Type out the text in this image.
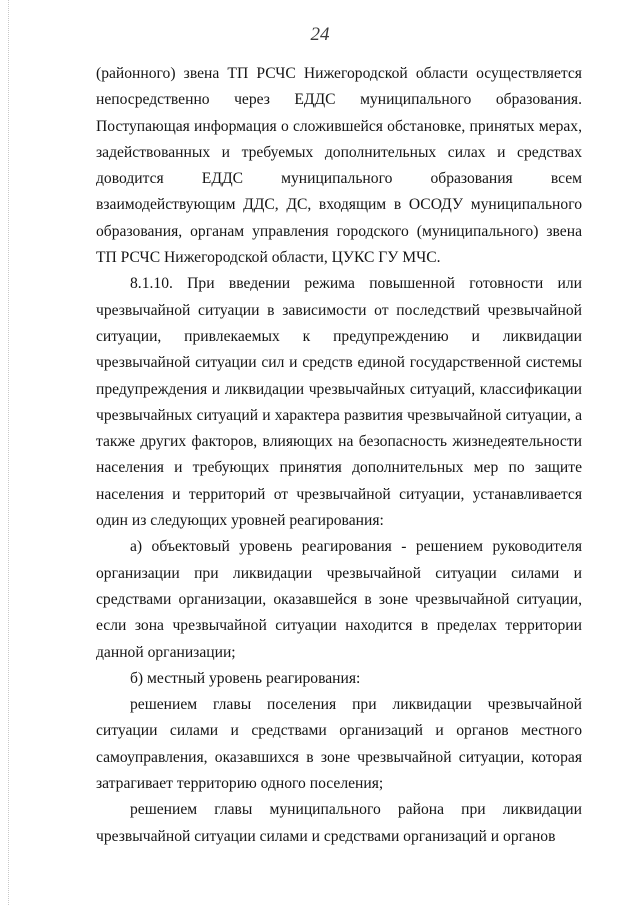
24

(районного) звена ТП РСЧС Нижегородской области осуществляется непосредственно через ЕДДС муниципального образования. Поступающая информация о сложившейся обстановке, принятых мерах, задействованных и требуемых дополнительных силах и средствах доводится ЕДДС муниципального образования всем взаимодействующим ДДС, ДС, входящим в ОСОДУ муниципального образования, органам управления городского (муниципального) звена ТП РСЧС Нижегородской области, ЦУКС ГУ МЧС.

8.1.10. При введении режима повышенной готовности или чрезвычайной ситуации в зависимости от последствий чрезвычайной ситуации, привлекаемых к предупреждению и ликвидации чрезвычайной ситуации сил и средств единой государственной системы предупреждения и ликвидации чрезвычайных ситуаций, классификации чрезвычайных ситуаций и характера развития чрезвычайной ситуации, а также других факторов, влияющих на безопасность жизнедеятельности населения и требующих принятия дополнительных мер по защите населения и территорий от чрезвычайной ситуации, устанавливается один из следующих уровней реагирования:

а) объектовый уровень реагирования - решением руководителя организации при ликвидации чрезвычайной ситуации силами и средствами организации, оказавшейся в зоне чрезвычайной ситуации, если зона чрезвычайной ситуации находится в пределах территории данной организации;

б) местный уровень реагирования:

решением главы поселения при ликвидации чрезвычайной ситуации силами и средствами организаций и органов местного самоуправления, оказавшихся в зоне чрезвычайной ситуации, которая затрагивает территорию одного поселения;

решением главы муниципального района при ликвидации чрезвычайной ситуации силами и средствами организаций и органов
